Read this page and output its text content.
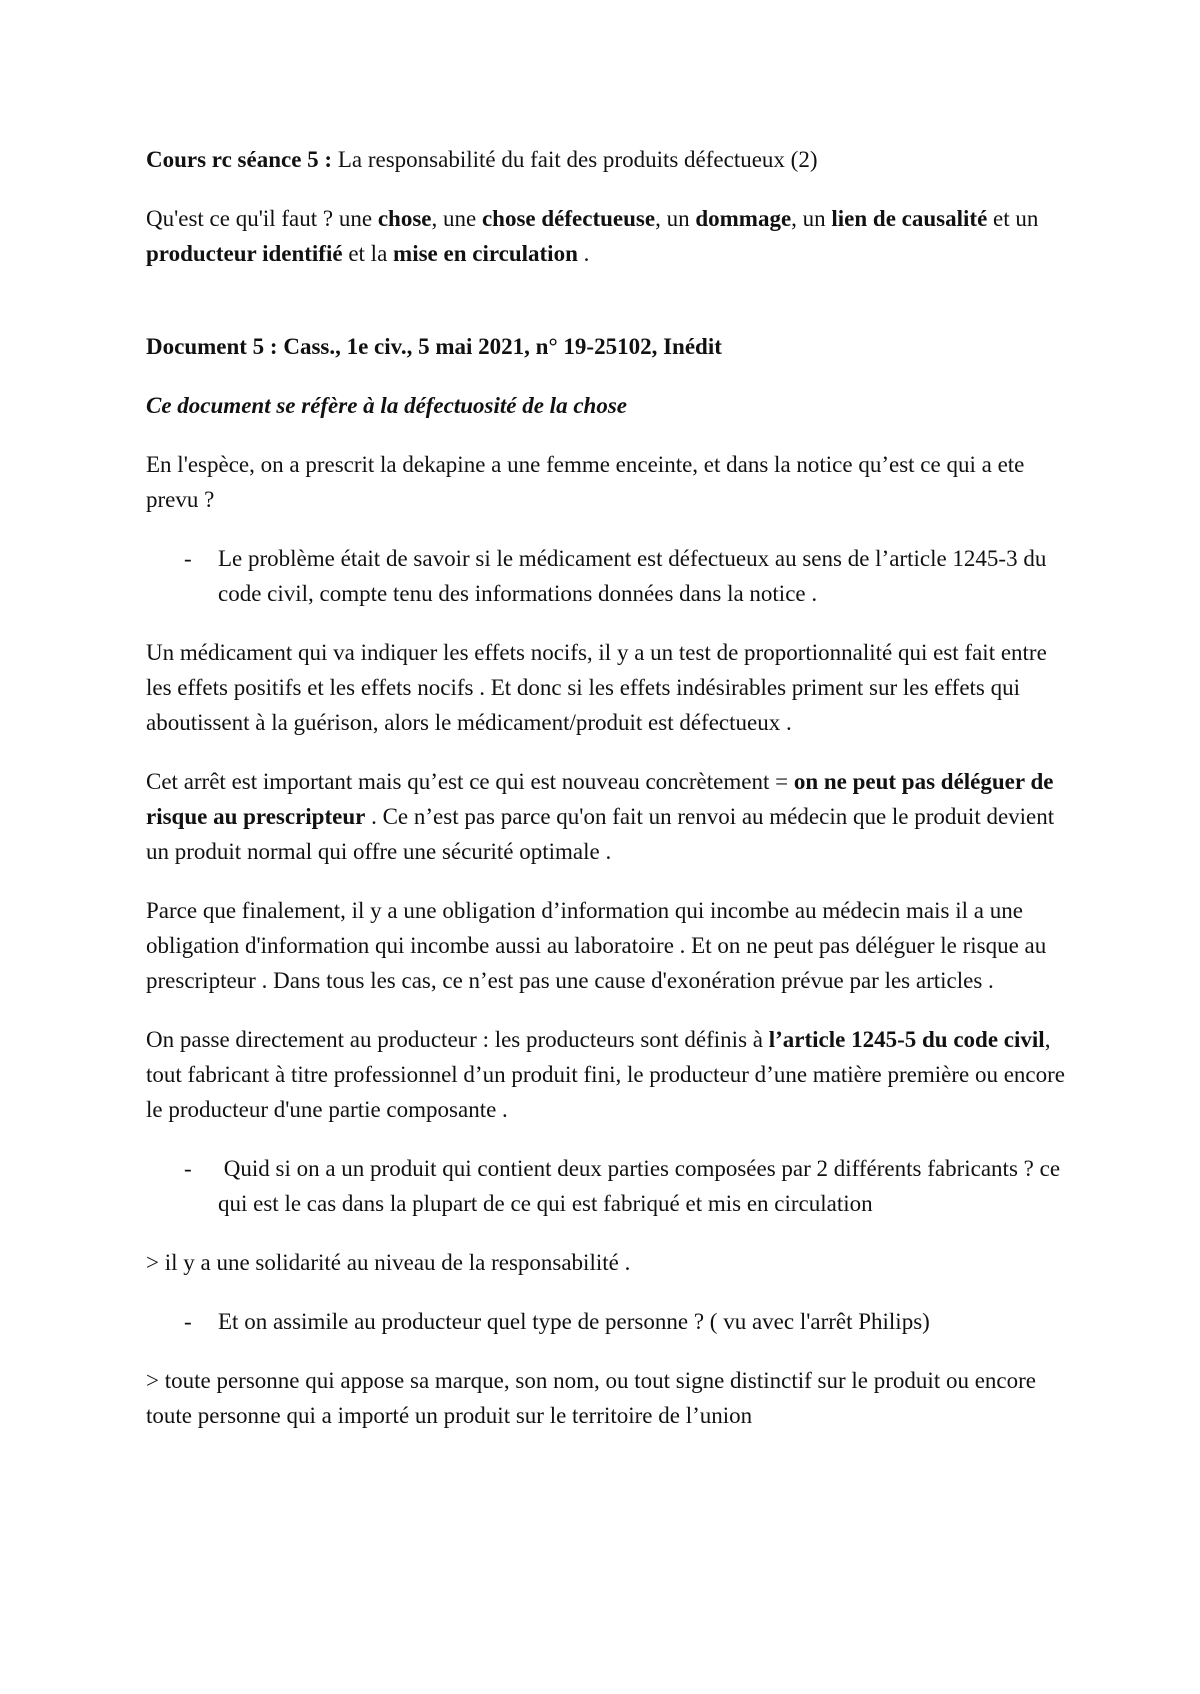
Cours rc séance 5 : La responsabilité du fait des produits défectueux (2)

Qu'est ce qu'il faut ? une chose, une chose défectueuse, un dommage, un lien de causalité et un producteur identifié et la mise en circulation .

Document 5 : Cass., 1e civ., 5 mai 2021, n° 19-25102, Inédit

Ce document se réfère à la défectuosité de la chose

En l'espèce, on a prescrit la dekapine a une femme enceinte, et dans la notice qu’est ce qui a ete prevu ?

- Le problème était de savoir si le médicament est défectueux au sens de l’article 1245-3 du code civil, compte tenu des informations données dans la notice .

Un médicament qui va indiquer les effets nocifs, il y a un test de proportionnalité qui est fait entre les effets positifs et les effets nocifs . Et donc si les effets indésirables priment sur les effets qui aboutissent à la guérison, alors le médicament/produit est défectueux .

Cet arrêt est important mais qu’est ce qui est nouveau concrètement = on ne peut pas déléguer de risque au prescripteur . Ce n’est pas parce qu'on fait un renvoi au médecin que le produit devient un produit normal qui offre une sécurité optimale .

Parce que finalement, il y a une obligation d’information qui incombe au médecin mais il a une obligation d'information qui incombe aussi au laboratoire . Et on ne peut pas déléguer le risque au prescripteur . Dans tous les cas, ce n’est pas une cause d'exonération prévue par les articles .

On passe directement au producteur : les producteurs sont définis à l’article 1245-5 du code civil, tout fabricant à titre professionnel d’un produit fini, le producteur d’une matière première ou encore le producteur d'une partie composante .

- Quid si on a un produit qui contient deux parties composées par 2 différents fabricants ? ce qui est le cas dans la plupart de ce qui est fabriqué et mis en circulation

> il y a une solidarité au niveau de la responsabilité .

- Et on assimile au producteur quel type de personne ? ( vu avec l'arrêt Philips)

> toute personne qui appose sa marque, son nom, ou tout signe distinctif sur le produit ou encore toute personne qui a importé un produit sur le territoire de l’union
